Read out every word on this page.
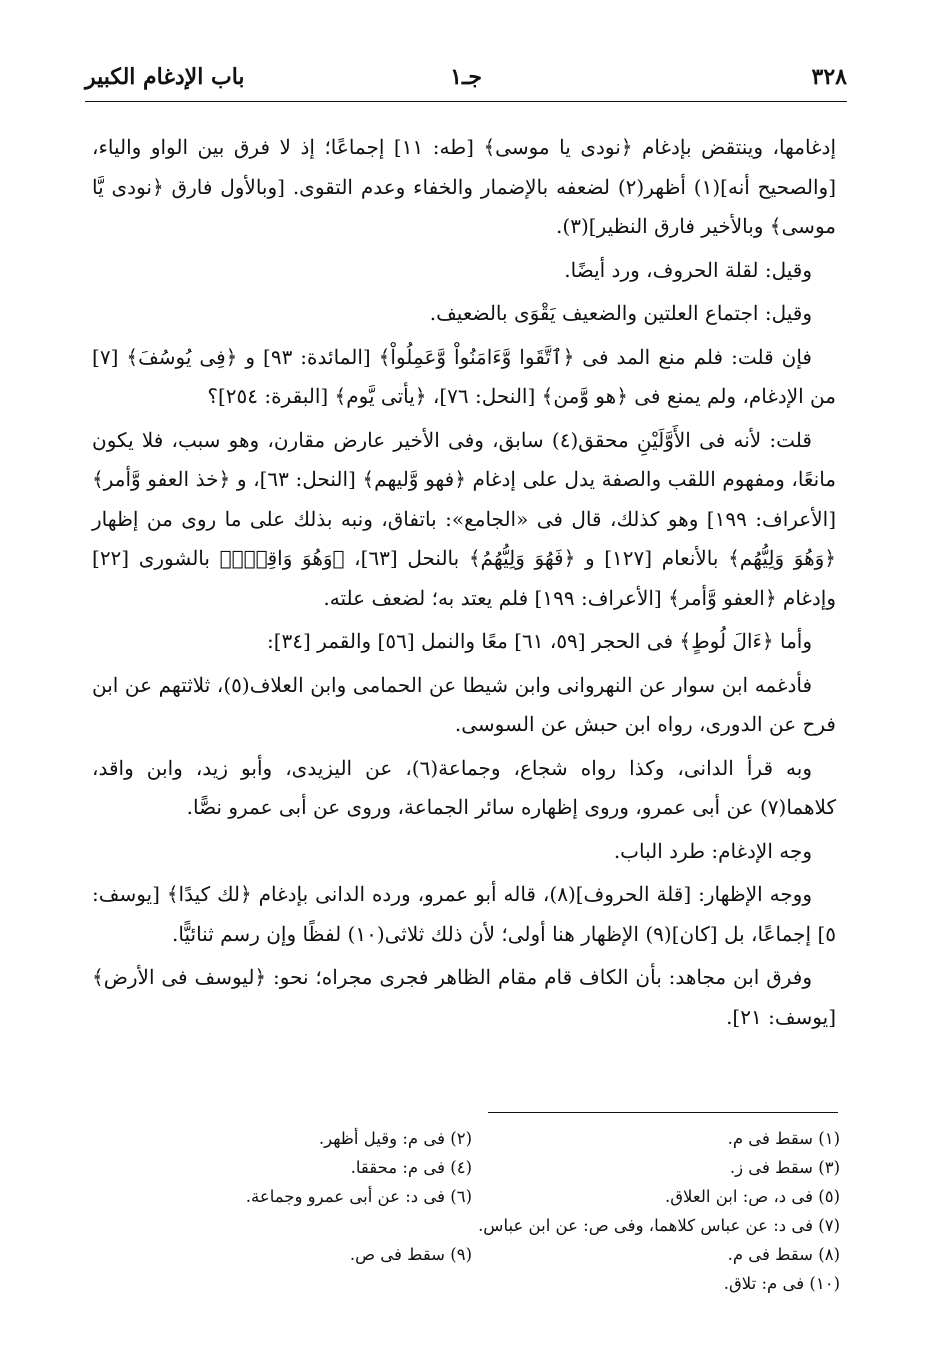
٣٢٨
جـ١
باب الإدغام الكبير

إدغامها، وينتقض بإدغام ﴿نودى يا موسى﴾ [طه: ١١] إجماعًا؛ إذ لا فرق بين الواو والياء، [والصحيح أنه](١) أظهر(٢) لضعفه بالإضمار والخفاء وعدم التقوى. [وبالأول فارق ﴿نودى يَّا موسى﴾ وبالأخير فارق النظير](٣).

وقيل: لقلة الحروف، ورد أيضًا.

وقيل: اجتماع العلتين والضعيف يَقْوَى بالضعيف.

فإن قلت: فلم منع المد فى ﴿ٱتَّقَوا وَّءَامَنُواْ وَّعَمِلُواْ﴾ [المائدة: ٩٣] و ﴿فِى يُوسُفَ﴾ [٧] من الإدغام، ولم يمنع فى ﴿هو وَّمن﴾ [النحل: ٧٦]، ﴿يأتى يَّوم﴾ [البقرة: ٢٥٤]؟

قلت: لأنه فى الأَوَّلَيْنِ محقق(٤) سابق، وفى الأخير عارض مقارن، وهو سبب، فلا يكون مانعًا، ومفهوم اللقب والصفة يدل على إدغام ﴿فهو وَّليهم﴾ [النحل: ٦٣]، و ﴿خذ العفو وَّأمر﴾ [الأعراف: ١٩٩] وهو كذلك، قال فى «الجامع»: باتفاق، ونبه بذلك على ما روى من إظهار ﴿وَهُوَ وَلِيُّهُم﴾ بالأنعام [١٢٧] و ﴿فَهُوَ وَلِيُّهُمُ﴾ بالنحل [٦٣]، ﴿وَهُوَ وَاقِعُۢ﴾ بالشورى [٢٢] وإدغام ﴿العفو وَّأمر﴾ [الأعراف: ١٩٩] فلم يعتد به؛ لضعف علته.

وأما ﴿ءَالَ لُوطٍ﴾ فى الحجر [٥٩، ٦١] معًا والنمل [٥٦] والقمر [٣٤]:

فأدغمه ابن سوار عن النهروانى وابن شيطا عن الحمامى وابن العلاف(٥)، ثلاثتهم عن ابن فرح عن الدورى، رواه ابن حبش عن السوسى.

وبه قرأ الدانى، وكذا رواه شجاع، وجماعة(٦)، عن اليزيدى، وأبو زيد، وابن واقد، كلاهما(٧) عن أبى عمرو، وروى إظهاره سائر الجماعة، وروى عن أبى عمرو نصًّا.

وجه الإدغام: طرد الباب.

ووجه الإظهار: [قلة الحروف](٨)، قاله أبو عمرو، ورده الدانى بإدغام ﴿لك كيدًا﴾ [يوسف: ٥] إجماعًا، بل [كان](٩) الإظهار هنا أولى؛ لأن ذلك ثلاثى(١٠) لفظًا وإن رسم ثنائيًّا.

وفرق ابن مجاهد: بأن الكاف قام مقام الظاهر فجرى مجراه؛ نحو: ﴿ليوسف فى الأرض﴾ [يوسف: ٢١].

(١) سقط فى م.
(٢) فى م: وقيل أظهر.
(٣) سقط فى ز.
(٤) فى م: محققا.
(٥) فى د، ص: ابن العلاق.
(٦) فى د: عن أبى عمرو وجماعة.
(٧) فى د: عن عباس كلاهما، وفى ص: عن ابن عباس.
(٨) سقط فى م.
(٩) سقط فى ص.
(١٠) فى م: تلاق.
